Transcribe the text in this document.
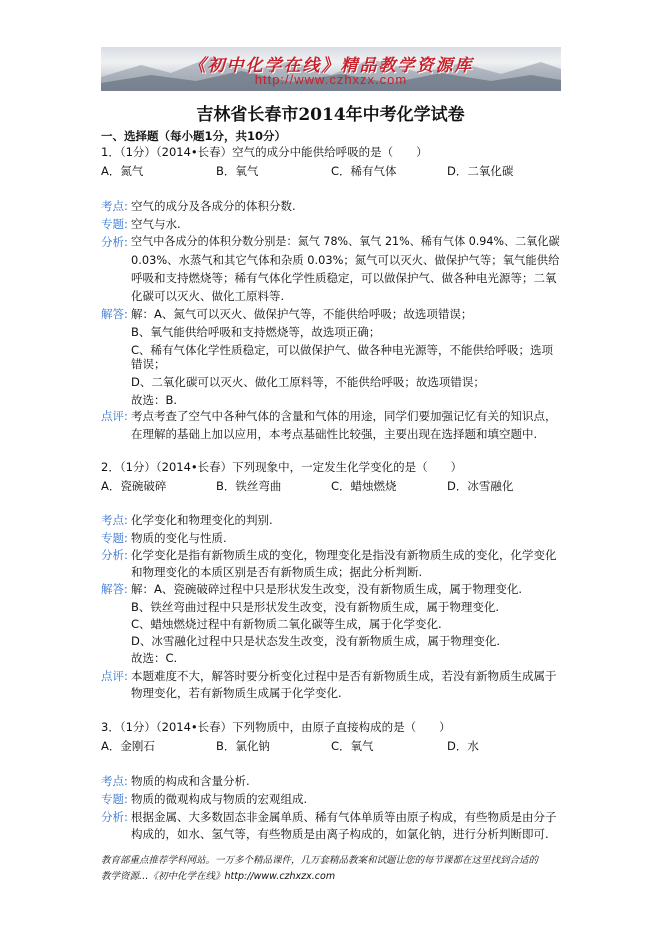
《初中化学在线》精品教学资源库
http://www.czhxzx.com
吉林省长春市2014年中考化学试卷
一、选择题（每小题1分，共10分）
1．（1分）（2014•长春）空气的成分中能供给呼吸的是（　　）
A．氮气	B．氧气	C．稀有气体	D．二氧化碳
考点: 空气的成分及各成分的体积分数.
专题: 空气与水.
分析: 空气中各成分的体积分数分别是：氮气 78%、氧气 21%、稀有气体 0.94%、二氧化碳
0.03%、水蒸气和其它气体和杂质 0.03%；氮气可以灭火、做保护气等；氧气能供给
呼吸和支持燃烧等；稀有气体化学性质稳定，可以做保护气、做各种电光源等；二氧
化碳可以灭火、做化工原料等.
解答: 解：A、氮气可以灭火、做保护气等，不能供给呼吸；故选项错误；
B、氧气能供给呼吸和支持燃烧等，故选项正确；
C、稀有气体化学性质稳定，可以做保护气、做各种电光源等，不能供给呼吸；选项
错误；
D、二氧化碳可以灭火、做化工原料等，不能供给呼吸；故选项错误；
故选：B.
点评: 考点考查了空气中各种气体的含量和气体的用途，同学们要加强记忆有关的知识点，
在理解的基础上加以应用，本考点基础性比较强，主要出现在选择题和填空题中.
2．（1分）（2014•长春）下列现象中，一定发生化学变化的是（　　）
A．瓷碗破碎	B．铁丝弯曲	C．蜡烛燃烧	D．冰雪融化
考点: 化学变化和物理变化的判别.
专题: 物质的变化与性质.
分析: 化学变化是指有新物质生成的变化，物理变化是指没有新物质生成的变化，化学变化
和物理变化的本质区别是否有新物质生成；据此分析判断.
解答: 解：A、瓷碗破碎过程中只是形状发生改变，没有新物质生成，属于物理变化.
B、铁丝弯曲过程中只是形状发生改变，没有新物质生成，属于物理变化.
C、蜡烛燃烧过程中有新物质二氧化碳等生成，属于化学变化.
D、冰雪融化过程中只是状态发生改变，没有新物质生成，属于物理变化.
故选：C.
点评: 本题难度不大，解答时要分析变化过程中是否有新物质生成，若没有新物质生成属于
物理变化，若有新物质生成属于化学变化.
3．（1分）（2014•长春）下列物质中，由原子直接构成的是（　　）
A．金刚石	B．氯化钠	C．氧气	D．水
考点: 物质的构成和含量分析.
专题: 物质的微观构成与物质的宏观组成.
分析: 根据金属、大多数固态非金属单质、稀有气体单质等由原子构成，有些物质是由分子
构成的，如水、氢气等，有些物质是由离子构成的，如氯化钠，进行分析判断即可.
教育部重点推荐学科网站。一万多个精品课件，几万套精品教案和试题让您的每节课都在这里找到合适的
教学资源…《初中化学在线》http://www.czhxzx.com
